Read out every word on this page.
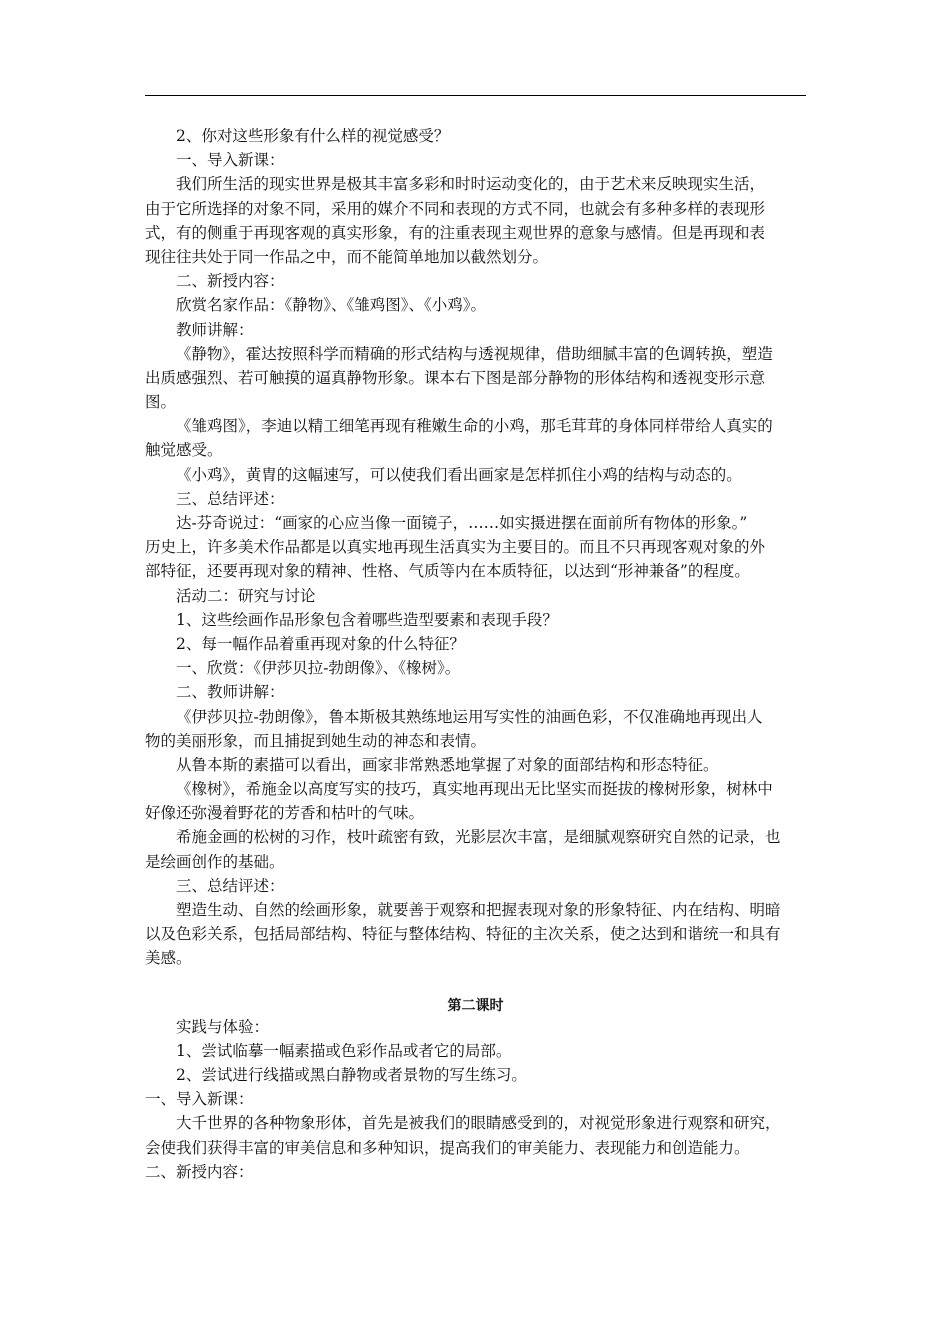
2、你对这些形象有什么样的视觉感受？
一、导入新课：
我们所生活的现实世界是极其丰富多彩和时时运动变化的，由于艺术来反映现实生活，
由于它所选择的对象不同，采用的媒介不同和表现的方式不同，也就会有多种多样的表现形
式，有的侧重于再现客观的真实形象，有的注重表现主观世界的意象与感情。但是再现和表
现往往共处于同一作品之中，而不能简单地加以截然划分。
二、新授内容：
欣赏名家作品：《静物》、《雏鸡图》、《小鸡》。
教师讲解：
《静物》，霍达按照科学而精确的形式结构与透视规律，借助细腻丰富的色调转换，塑造
出质感强烈、若可触摸的逼真静物形象。课本右下图是部分静物的形体结构和透视变形示意
图。
《雏鸡图》，李迪以精工细笔再现有稚嫩生命的小鸡，那毛茸茸的身体同样带给人真实的
触觉感受。
《小鸡》，黄胄的这幅速写，可以使我们看出画家是怎样抓住小鸡的结构与动态的。
三、总结评述：
达-芬奇说过：“画家的心应当像一面镜子，……如实摄进摆在面前所有物体的形象。”
历史上，许多美术作品都是以真实地再现生活真实为主要目的。而且不只再现客观对象的外
部特征，还要再现对象的精神、性格、气质等内在本质特征，以达到“形神兼备”的程度。
活动二：研究与讨论
1、这些绘画作品形象包含着哪些造型要素和表现手段？
2、每一幅作品着重再现对象的什么特征？
一、欣赏：《伊莎贝拉-勃朗像》、《橡树》。
二、教师讲解：
《伊莎贝拉-勃朗像》，鲁本斯极其熟练地运用写实性的油画色彩，不仅准确地再现出人
物的美丽形象，而且捕捉到她生动的神态和表情。
从鲁本斯的素描可以看出，画家非常熟悉地掌握了对象的面部结构和形态特征。
《橡树》，希施金以高度写实的技巧，真实地再现出无比坚实而挺拔的橡树形象，树林中
好像还弥漫着野花的芳香和枯叶的气味。
希施金画的松树的习作，枝叶疏密有致，光影层次丰富，是细腻观察研究自然的记录，也
是绘画创作的基础。
三、总结评述：
塑造生动、自然的绘画形象，就要善于观察和把握表现对象的形象特征、内在结构、明暗
以及色彩关系，包括局部结构、特征与整体结构、特征的主次关系，使之达到和谐统一和具有
美感。
第二课时
实践与体验：
1、尝试临摹一幅素描或色彩作品或者它的局部。
2、尝试进行线描或黑白静物或者景物的写生练习。
一、导入新课：
大千世界的各种物象形体，首先是被我们的眼睛感受到的，对视觉形象进行观察和研究，
会使我们获得丰富的审美信息和多种知识，提高我们的审美能力、表现能力和创造能力。
二、新授内容：
